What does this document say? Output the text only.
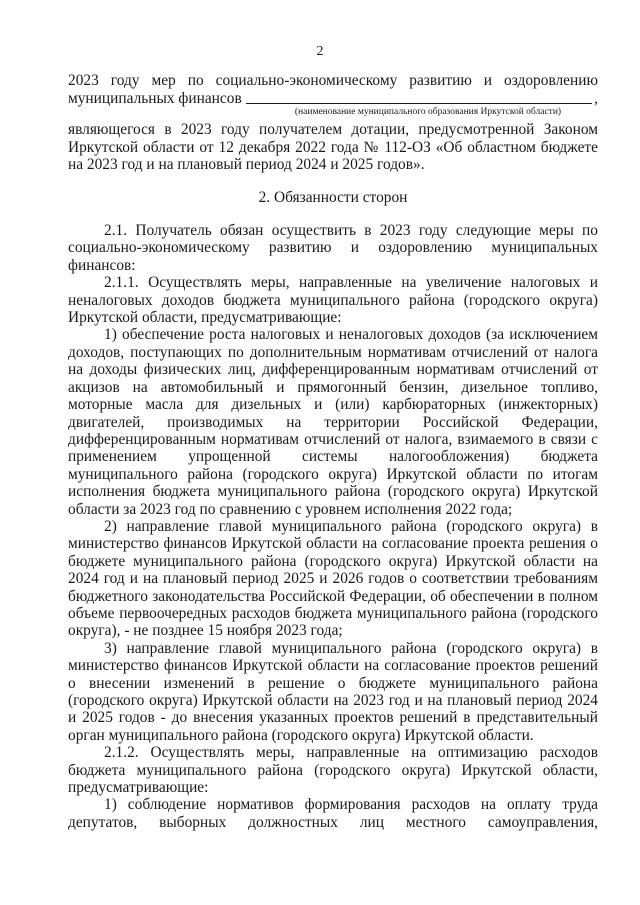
2

2023 году мер по социально-экономическому развитию и оздоровлению

муниципальных финансов	,
(наименование муниципального образования Иркутской области)

являющегося в 2023 году получателем дотации, предусмотренной Законом Иркутской области от 12 декабря 2022 года № 112-ОЗ «Об областном бюджете на 2023 год и на плановый период 2024 и 2025 годов».

2. Обязанности сторон

2.1. Получатель обязан осуществить в 2023 году следующие меры по социально-экономическому развитию и оздоровлению муниципальных финансов:

2.1.1. Осуществлять меры, направленные на увеличение налоговых и неналоговых доходов бюджета муниципального района (городского округа) Иркутской области, предусматривающие:

1) обеспечение роста налоговых и неналоговых доходов (за исключением доходов, поступающих по дополнительным нормативам отчислений от налога на доходы физических лиц, дифференцированным нормативам отчислений от акцизов на автомобильный и прямогонный бензин, дизельное топливо, моторные масла для дизельных и (или) карбюраторных (инжекторных) двигателей, производимых на территории Российской Федерации, дифференцированным нормативам отчислений от налога, взимаемого в связи с применением упрощенной системы налогообложения) бюджета муниципального района (городского округа) Иркутской области по итогам исполнения бюджета муниципального района (городского округа) Иркутской области за 2023 год по сравнению с уровнем исполнения 2022 года;

2) направление главой муниципального района (городского округа) в министерство финансов Иркутской области на согласование проекта решения о бюджете муниципального района (городского округа) Иркутской области на 2024 год и на плановый период 2025 и 2026 годов о соответствии требованиям бюджетного законодательства Российской Федерации, об обеспечении в полном объеме первоочередных расходов бюджета муниципального района (городского округа), - не позднее 15 ноября 2023 года;

3) направление главой муниципального района (городского округа) в министерство финансов Иркутской области на согласование проектов решений о внесении изменений в решение о бюджете муниципального района (городского округа) Иркутской области на 2023 год и на плановый период 2024 и 2025 годов - до внесения указанных проектов решений в представительный орган муниципального района (городского округа) Иркутской области.

2.1.2. Осуществлять меры, направленные на оптимизацию расходов бюджета муниципального района (городского округа) Иркутской области, предусматривающие:

1) соблюдение нормативов формирования расходов на оплату труда депутатов, выборных должностных лиц местного самоуправления,
